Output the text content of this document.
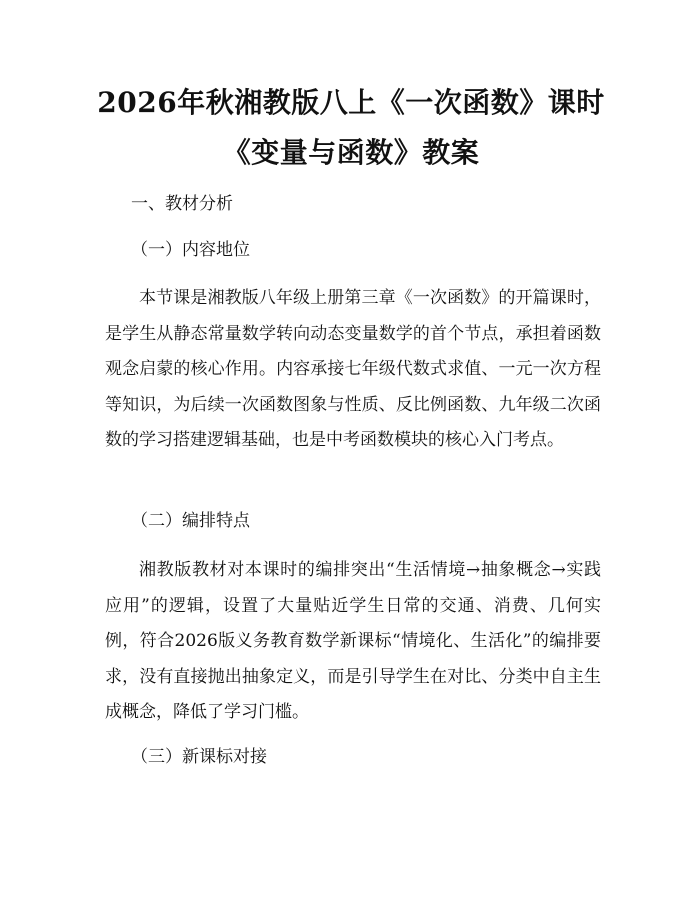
2026年秋湘教版八上《一次函数》课时《变量与函数》教案
一、教材分析
（一）内容地位

本节课是湘教版八年级上册第三章《一次函数》的开篇课时，是学生从静态常量数学转向动态变量数学的首个节点，承担着函数观念启蒙的核心作用。内容承接七年级代数式求值、一元一次方程等知识，为后续一次函数图象与性质、反比例函数、九年级二次函数的学习搭建逻辑基础，也是中考函数模块的核心入门考点。

（二）编排特点

湘教版教材对本课时的编排突出“生活情境→抽象概念→实践应用”的逻辑，设置了大量贴近学生日常的交通、消费、几何实例，符合2026版义务教育数学新课标“情境化、生活化”的编排要求，没有直接抛出抽象定义，而是引导学生在对比、分类中自主生成概念，降低了学习门槛。

（三）新课标对接
